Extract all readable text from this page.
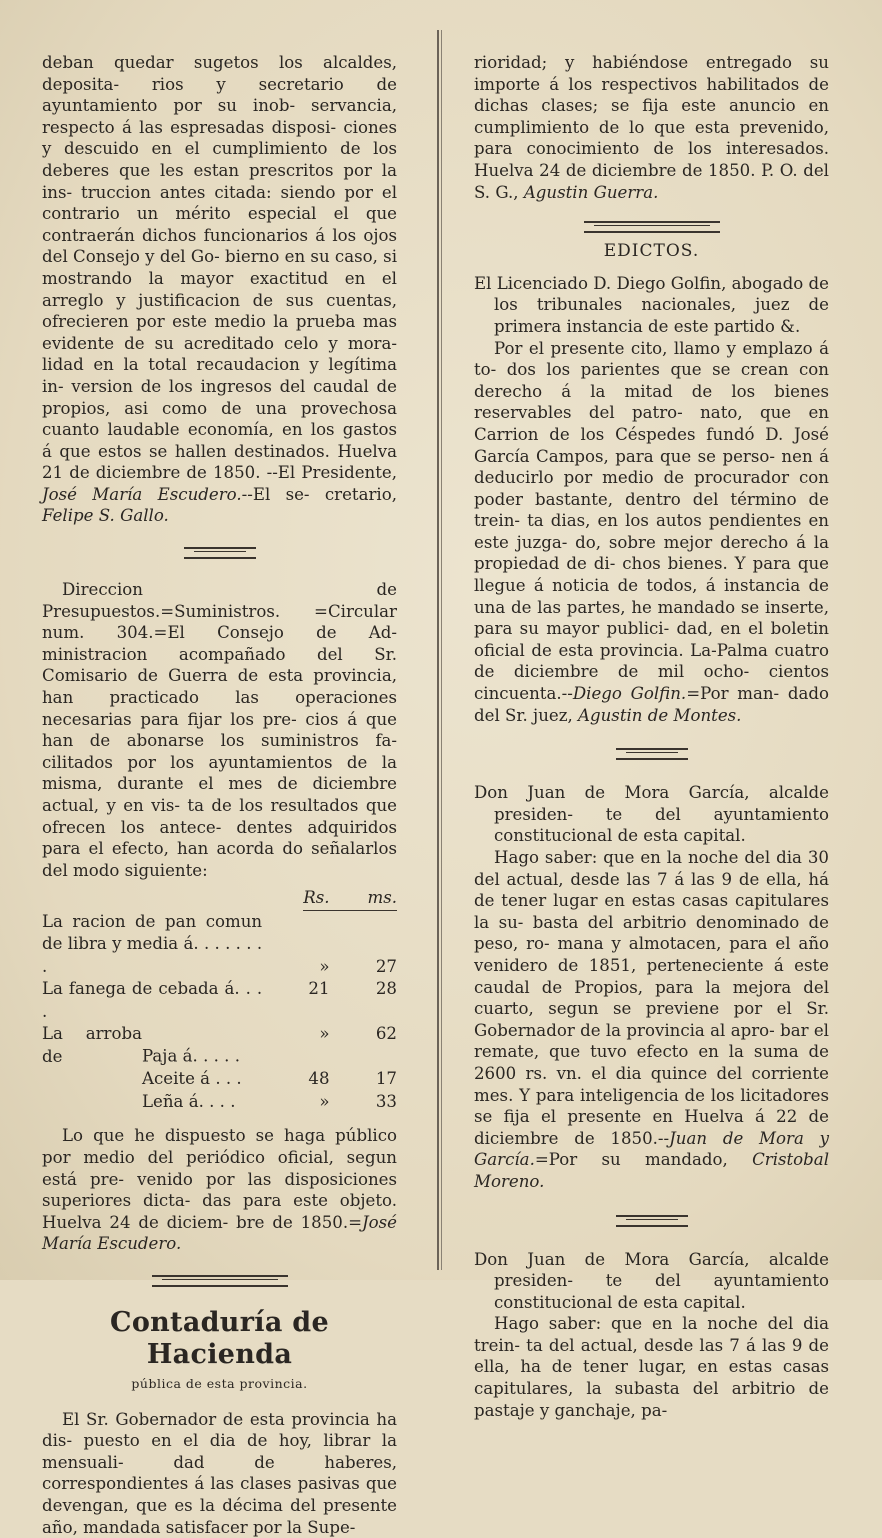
deban quedar sugetos los alcaldes, deposita- rios y secretario de ayuntamiento por su inob- servancia, respecto á las espresadas disposi- ciones y descuido en el cumplimiento de los deberes que les estan prescritos por la ins- truccion antes citada: siendo por el contrario un mérito especial el que contraerán dichos funcionarios á los ojos del Consejo y del Go- bierno en su caso, si mostrando la mayor exactitud en el arreglo y justificacion de sus cuentas, ofrecieren por este medio la prueba mas evidente de su acreditado celo y mora- lidad en la total recaudacion y legítima in- version de los ingresos del caudal de propios, asi como de una provechosa cuanto laudable economía, en los gastos á que estos se hallen destinados. Huelva 21 de diciembre de 1850. --El Presidente, José María Escudero.--El se- cretario, Felipe S. Gallo.

Direccion de Presupuestos.=Suministros. =Circular num. 304.=El Consejo de Ad- ministracion acompañado del Sr. Comisario de Guerra de esta provincia, han practicado las operaciones necesarias para fijar los pre- cios á que han de abonarse los suministros fa- cilitados por los ayuntamientos de la misma, durante el mes de diciembre actual, y en vis- ta de los resultados que ofrecen los antece- dentes adquiridos para el efecto, han acorda do señalarlos del modo siguiente:

	Rs.	ms.

La racion de pan comun de libra y media á. . . . . . . .	»	27
La fanega de cebada á. . . .	21	28
La arroba de Paja á. . . . .	»	62
Aceite á . . .	48	17
Leña á. . . .	»	33

Lo que he dispuesto se haga público por medio del periódico oficial, segun está pre- venido por las disposiciones superiores dicta- das para este objeto. Huelva 24 de diciem- bre de 1850.=José María Escudero.

Contaduría de Hacienda
pública de esta provincia.

El Sr. Gobernador de esta provincia ha dis- puesto en el dia de hoy, librar la mensuali- dad de haberes, correspondientes á las clases pasivas que devengan, que es la décima del presente año, mandada satisfacer por la Supe-

rioridad; y habiéndose entregado su importe á los respectivos habilitados de dichas clases; se fija este anuncio en cumplimiento de lo que esta prevenido, para conocimiento de los interesados. Huelva 24 de diciembre de 1850. P. O. del S. G., Agustin Guerra.

EDICTOS.

El Licenciado D. Diego Golfin, abogado de los tribunales nacionales, juez de primera instancia de este partido &.

Por el presente cito, llamo y emplazo á to- dos los parientes que se crean con derecho á la mitad de los bienes reservables del patro- nato, que en Carrion de los Céspedes fundó D. José García Campos, para que se perso- nen á deducirlo por medio de procurador con poder bastante, dentro del término de trein- ta dias, en los autos pendientes en este juzga- do, sobre mejor derecho á la propiedad de di- chos bienes. Y para que llegue á noticia de todos, á instancia de una de las partes, he mandado se inserte, para su mayor publici- dad, en el boletin oficial de esta provincia. La-Palma cuatro de diciembre de mil ocho- cientos cincuenta.--Diego Golfin.=Por man- dado del Sr. juez, Agustin de Montes.

Don Juan de Mora García, alcalde presiden- te del ayuntamiento constitucional de esta capital.

Hago saber: que en la noche del dia 30 del actual, desde las 7 á las 9 de ella, há de tener lugar en estas casas capitulares la su- basta del arbitrio denominado de peso, ro- mana y almotacen, para el año venidero de 1851, perteneciente á este caudal de Propios, para la mejora del cuarto, segun se previene por el Sr. Gobernador de la provincia al apro- bar el remate, que tuvo efecto en la suma de 2600 rs. vn. el dia quince del corriente mes. Y para inteligencia de los licitadores se fija el presente en Huelva á 22 de diciembre de 1850.--Juan de Mora y García.=Por su mandado, Cristobal Moreno.

Don Juan de Mora García, alcalde presiden- te del ayuntamiento constitucional de esta capital.

Hago saber: que en la noche del dia trein- ta del actual, desde las 7 á las 9 de ella, ha de tener lugar, en estas casas capitulares, la subasta del arbitrio de pastaje y ganchaje, pa-
